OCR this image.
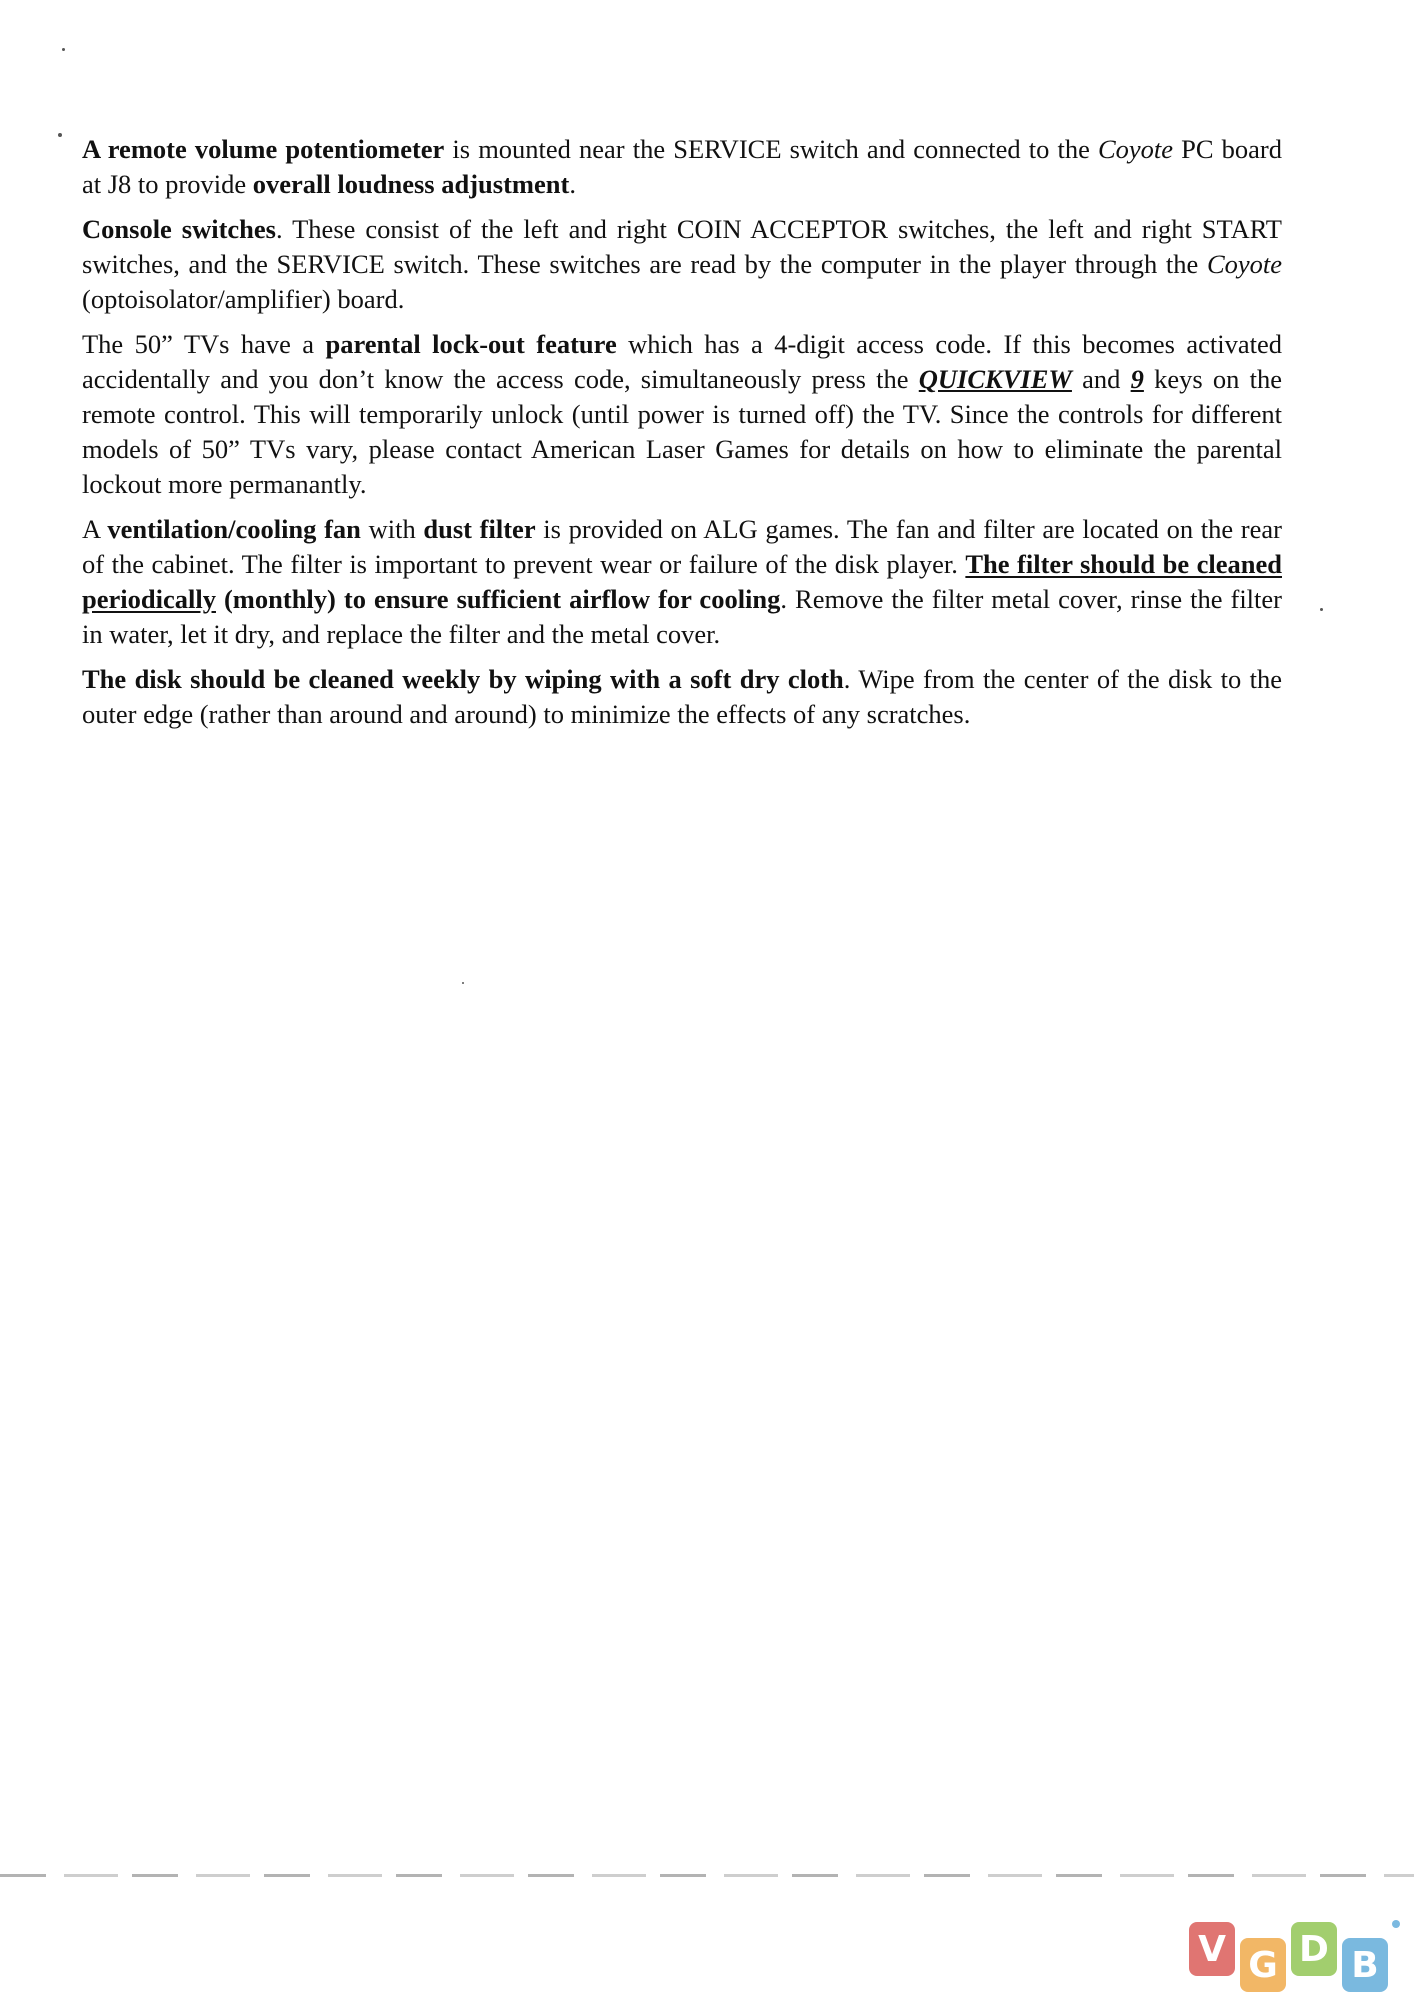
A remote volume potentiometer is mounted near the SERVICE switch and connected to the Coyote PC board at J8 to provide overall loudness adjustment.

Console switches. These consist of the left and right COIN ACCEPTOR switches, the left and right START switches, and the SERVICE switch. These switches are read by the computer in the player through the Coyote (optoisolator/amplifier) board.

The 50” TVs have a parental lock-out feature which has a 4-digit access code. If this becomes activated accidentally and you don’t know the access code, simultaneously press the QUICKVIEW and 9 keys on the remote control. This will temporarily unlock (until power is turned off) the TV. Since the controls for different models of 50” TVs vary, please contact American Laser Games for details on how to eliminate the parental lockout more permanantly.

A ventilation/cooling fan with dust filter is provided on ALG games. The fan and filter are located on the rear of the cabinet. The filter is important to prevent wear or failure of the disk player. The filter should be cleaned periodically (monthly) to ensure sufficient airflow for cooling. Remove the filter metal cover, rinse the filter in water, let it dry, and replace the filter and the metal cover.

The disk should be cleaned weekly by wiping with a soft dry cloth. Wipe from the center of the disk to the outer edge (rather than around and around) to minimize the effects of any scratches.

V G D B
